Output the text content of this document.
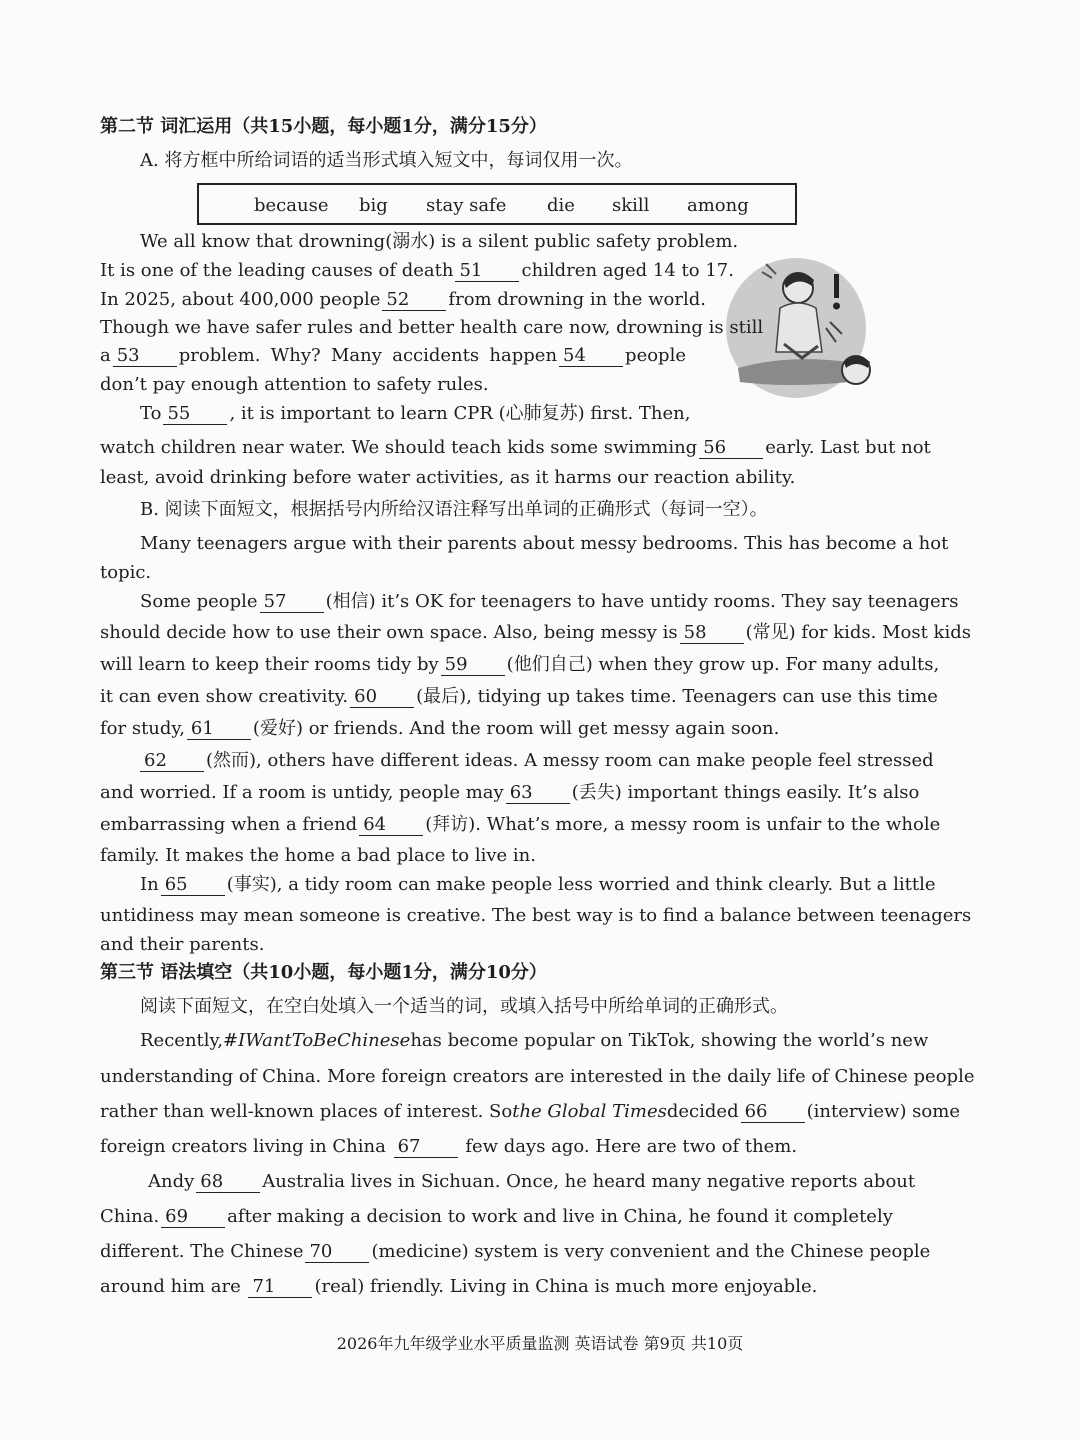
第二节 词汇运用（共15小题，每小题1分，满分15分）
A. 将方框中所给词语的适当形式填入短文中，每词仅用一次。
because big stay safe die skill among
We all know that drowning(溺水) is a silent public safety problem.
It is one of the leading causes of death 51 children aged 14 to 17.
In 2025, about 400,000 people 52 from drowning in the world.
Though we have safer rules and better health care now, drowning is still
a 53 problem. Why? Many accidents happen 54 people
don’t pay enough attention to safety rules.
To 55 , it is important to learn CPR (心肺复苏) first. Then,
watch children near water. We should teach kids some swimming 56 early. Last but not
least, avoid drinking before water activities, as it harms our reaction ability.
B. 阅读下面短文，根据括号内所给汉语注释写出单词的正确形式（每词一空）。
Many teenagers argue with their parents about messy bedrooms. This has become a hot
topic.
Some people 57 (相信) it’s OK for teenagers to have untidy rooms. They say teenagers
should decide how to use their own space. Also, being messy is 58 (常见) for kids. Most kids
will learn to keep their rooms tidy by 59 (他们自己) when they grow up. For many adults,
it can even show creativity. 60 (最后), tidying up takes time. Teenagers can use this time
for study, 61 (爱好) or friends. And the room will get messy again soon.
62 (然而), others have different ideas. A messy room can make people feel stressed
and worried. If a room is untidy, people may 63 (丢失) important things easily. It’s also
embarrassing when a friend 64 (拜访). What’s more, a messy room is unfair to the whole
family. It makes the home a bad place to live in.
In 65 (事实), a tidy room can make people less worried and think clearly. But a little
untidiness may mean someone is creative. The best way is to find a balance between teenagers
and their parents.
第三节 语法填空（共10小题，每小题1分，满分10分）
阅读下面短文，在空白处填入一个适当的词，或填入括号中所给单词的正确形式。
Recently,#IWantToBeChinesehas become popular on TikTok, showing the world’s new
understanding of China. More foreign creators are interested in the daily life of Chinese people
rather than well-known places of interest. Sothe Global Timesdecided 66 (interview) some
foreign creators living in China 67 few days ago. Here are two of them.
Andy 68 Australia lives in Sichuan. Once, he heard many negative reports about
China. 69 after making a decision to work and live in China, he found it completely
different. The Chinese 70 (medicine) system is very convenient and the Chinese people
around him are 71 (real) friendly. Living in China is much more enjoyable.
2026年九年级学业水平质量监测 英语试卷 第9页 共10页
